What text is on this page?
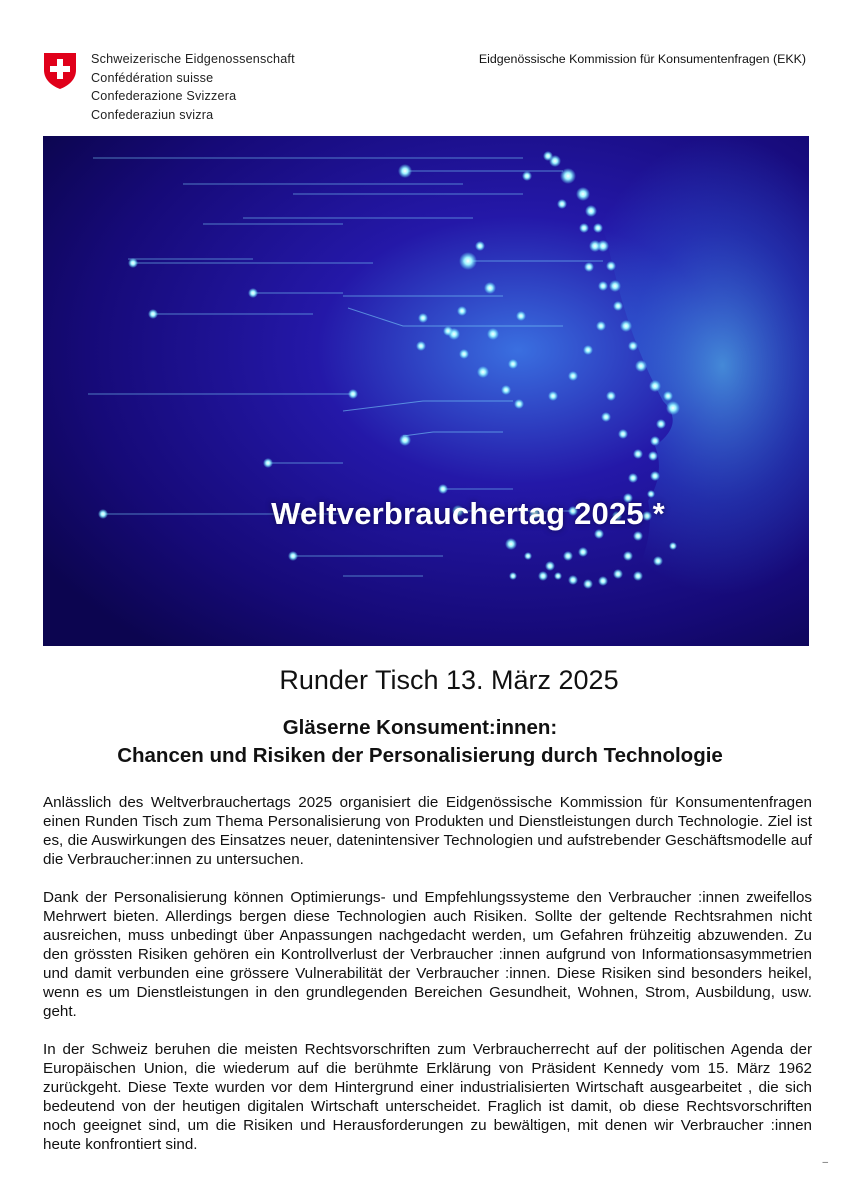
Schweizerische Eidgenossenschaft
Confédération suisse
Confederazione Svizzera
Confederaziun svizra
Eidgenössische Kommission für Konsumentenfragen (EKK)
Weltverbrauchertag 2025 *
Runder Tisch 13. März 2025
Gläserne Konsument:innen:
Chancen und Risiken der Personalisierung durch Technologie

Anlässlich des Weltverbrauchertags 2025 organisiert die Eidgenössische Kommission für Konsumentenfragen einen Runden Tisch zum Thema Personalisierung von Produkten und Dienstleistungen durch Technologie. Ziel ist es, die Auswirkungen des Einsatzes neuer, datenintensiver Technologien und aufstrebender Geschäftsmodelle auf die Verbraucher:innen zu untersuchen.

Dank der Personalisierung können Optimierungs- und Empfehlungssysteme den Verbraucher :innen zweifellos Mehrwert bieten. Allerdings bergen diese Technologien auch Risiken. Sollte der geltende Rechtsrahmen nicht ausreichen, muss unbedingt über Anpassungen nachgedacht werden, um Gefahren frühzeitig abzuwenden. Zu den grössten Risiken gehören ein Kontrollverlust der Verbraucher :innen aufgrund von Informationsasymmetrien und damit verbunden eine grössere Vulnerabilität der Verbraucher :innen. Diese Risiken sind besonders heikel, wenn es um Dienstleistungen in den grundlegenden Bereichen Gesundheit, Wohnen, Strom, Ausbildung, usw. geht.

In der Schweiz beruhen die meisten Rechtsvorschriften zum Verbraucherrecht auf der politischen Agenda der Europäischen Union, die wiederum auf die berühmte Erklärung von Präsident Kennedy vom 15. März 1962 zurückgeht. Diese Texte wurden vor dem Hintergrund einer industrialisierten Wirtschaft ausgearbeitet , die sich bedeutend von der heutigen digitalen Wirtschaft unterscheidet. Fraglich ist damit, ob diese Rechtsvorschriften noch geeignet sind, um die Risiken und Herausforderungen zu bewältigen, mit denen wir Verbraucher :innen heute konfrontiert sind.

–
